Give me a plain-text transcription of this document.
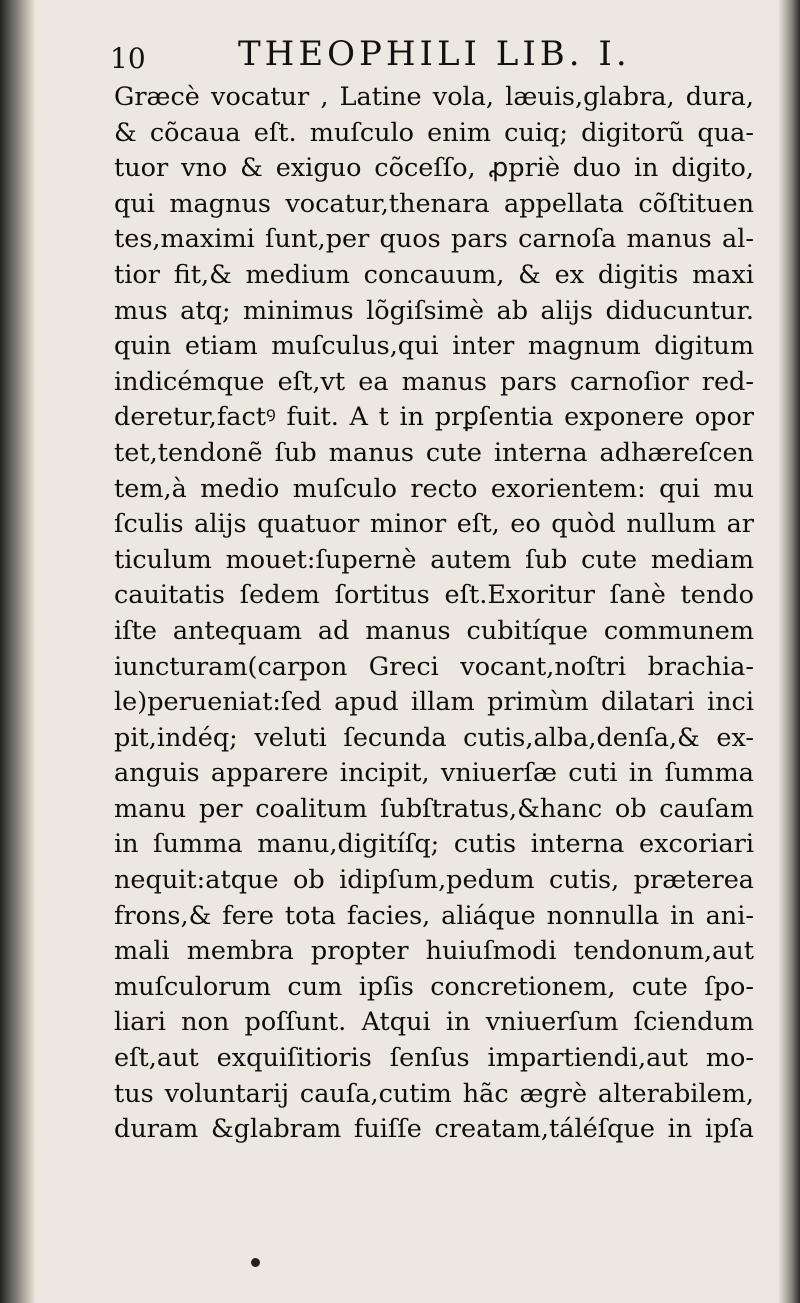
10	THEOPHILI LIB. I.
Græcè vocatur , Latine vola, læuis,glabra, dura,
& cõcaua eſt. muſculo enim cuiq; digitorũ qua-
tuor vno & exiguo cõceſſo, ꝓpriè duo in digito,
qui magnus vocatur,thenara appellata cõſtituen
tes,maximi ſunt,per quos pars carnoſa manus al-
tior fit,& medium concauum, & ex digitis maxi
mus atq; minimus lõgiſsimè ab alijs diducuntur.
quin etiam muſculus,qui inter magnum digitum
indicémque eſt,vt ea manus pars carnoſior red-
deretur,factꝰ fuit. A t in prꝑſentia exponere opor
tet,tendonẽ ſub manus cute interna adhæreſcen
tem,à medio muſculo recto exorientem: qui mu
ſculis alijs quatuor minor eſt, eo quòd nullum ar
ticulum mouet:ſupernè autem ſub cute mediam
cauitatis ſedem ſortitus eſt.Exoritur ſanè tendo
iſte antequam ad manus cubitíque communem
iuncturam(carpon Greci vocant,noſtri brachia-
le)perueniat:ſed apud illam primùm dilatari inci
pit,indéq; veluti ſecunda cutis,alba,denſa,& ex-
anguis apparere incipit, vniuerſæ cuti in ſumma
manu per coalitum ſubſtratus,&hanc ob cauſam
in ſumma manu,digitíſq; cutis interna excoriari
nequit:atque ob idipſum,pedum cutis, præterea
frons,& fere tota facies, aliáque nonnulla in ani-
mali membra propter huiuſmodi tendonum,aut
muſculorum cum ipſis concretionem, cute ſpo-
liari non poſſunt. Atqui in vniuerſum ſciendum
eſt,aut exquiſitioris ſenſus impartiendi,aut mo-
tus voluntarij cauſa,cutim hãc ægrè alterabilem,
duram &glabram fuiſſe creatam,táléſque in ipſa
